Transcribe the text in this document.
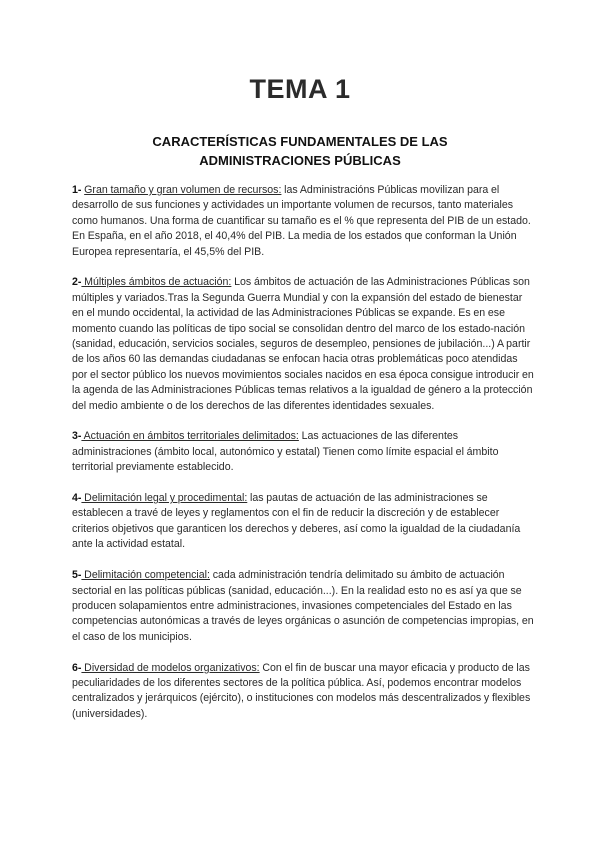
TEMA 1
CARACTERÍSTICAS FUNDAMENTALES DE LAS
ADMINISTRACIONES PÚBLICAS

1- Gran tamaño y gran volumen de recursos: las Administracións Públicas movilizan para el desarrollo de sus funciones y actividades un importante volumen de recursos, tanto materiales como humanos. Una forma de cuantificar su tamaño es el % que representa del PIB de un estado. En España, en el año 2018, el 40,4% del PIB. La media de los estados que conforman la Unión Europea representaría, el 45,5% del PIB.

2- Múltiples ámbitos de actuación: Los ámbitos de actuación de las Administraciones Públicas son múltiples y variados.Tras la Segunda Guerra Mundial y con la expansión del estado de bienestar en el mundo occidental, la actividad de las Administraciones Públicas se expande. Es en ese momento cuando las políticas de tipo social se consolidan dentro del marco de los estado-nación (sanidad, educación, servicios sociales, seguros de desempleo, pensiones de jubilación...) A partir de los años 60 las demandas ciudadanas se enfocan hacia otras problemáticas poco atendidas por el sector público los nuevos movimientos sociales nacidos en esa época consigue introducir en la agenda de las Administraciones Públicas temas relativos a la igualdad de género a la protección del medio ambiente o de los derechos de las diferentes identidades sexuales.

3- Actuación en ámbitos territoriales delimitados: Las actuaciones de las diferentes administraciones (ámbito local, autonómico y estatal) Tienen como límite espacial el ámbito territorial previamente establecido.

4- Delimitación legal y procedimental: las pautas de actuación de las administraciones se establecen a travé de leyes y reglamentos con el fin de reducir la discreción y de establecer criterios objetivos que garanticen los derechos y deberes, así como la igualdad de la ciudadanía ante la actividad estatal.

5- Delimitación competencial: cada administración tendría delimitado su ámbito de actuación sectorial en las políticas públicas (sanidad, educación...). En la realidad esto no es así ya que se producen solapamientos entre administraciones, invasiones competenciales del Estado en las competencias autonómicas a través de leyes orgánicas o asunción de competencias impropias, en el caso de los municipios.

6- Diversidad de modelos organizativos: Con el fin de buscar una mayor eficacia y producto de las peculiaridades de los diferentes sectores de la política pública. Así, podemos encontrar modelos centralizados y jerárquicos (ejército), o instituciones con modelos más descentralizados y flexibles (universidades).
